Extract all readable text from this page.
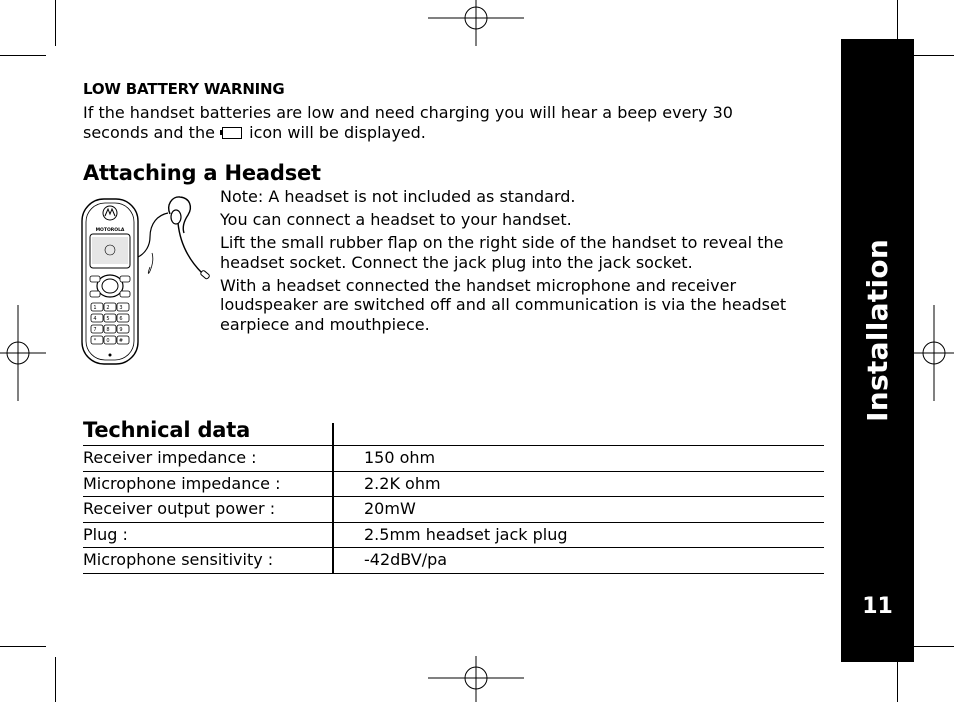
LOW BATTERY WARNING
If the handset batteries are low and need charging you will hear a beep every 30 seconds and the icon will be displayed.
Attaching a Headset
MOTOROLA
1 2 3
4 5 6
7 8 9
* 0 #

Note: A headset is not included as standard.

You can connect a headset to your handset.

Lift the small rubber flap on the right side of the handset to reveal the headset socket. Connect the jack plug into the jack socket.

With a headset connected the handset microphone and receiver loudspeaker are switched off and all communication is via the headset earpiece and mouthpiece.

Technical data
Receiver impedance :	150 ohm
Microphone impedance :	2.2K ohm
Receiver output power :	20mW
Plug :	2.5mm headset jack plug
Microphone sensitivity :	-42dBV/pa
Installation
11
